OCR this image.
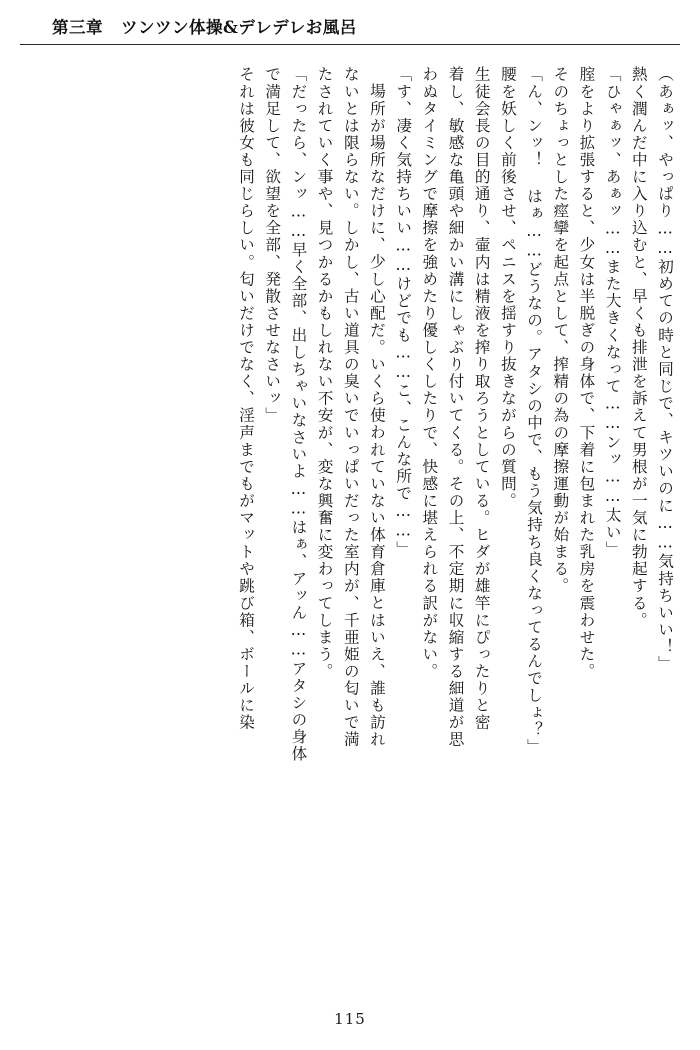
第三章 ツンツン体操&デレデレお風呂
（あぁッ、やっぱり……初めての時と同じで、キツいのに……気持ちいい！」
熱く潤んだ中に入り込むと、早くも排泄を訴えて男根が一気に勃起する。
「ひゃぁッ、あぁッ……また大きくなって……ンッ……太い」
腟をより拡張すると、少女は半脱ぎの身体で、下着に包まれた乳房を震わせた。
そのちょっとした痙攣を起点として、搾精の為の摩擦運動が始まる。
「ん、ンッ！ はぁ……どうなの。アタシの中で、もう気持ち良くなってるんでしょ？」
腰を妖しく前後させ、ペニスを揺すり抜きながらの質問。
生徒会長の目的通り、壷内は精液を搾り取ろうとしている。ヒダが雄竿にぴったりと密
着し、敏感な亀頭や細かい溝にしゃぶり付いてくる。その上、不定期に収縮する細道が思
わぬタイミングで摩擦を強めたり優しくしたりで、快感に堪えられる訳がない。
「す、凄く気持ちいい……けどでも……こ、こんな所で……」
場所が場所なだけに、少し心配だ。いくら使われていない体育倉庫とはいえ、誰も訪れ
ないとは限らない。しかし、古い道具の臭いでいっぱいだった室内が、千亜姫の匂いで満
たされていく事や、見つかるかもしれない不安が、変な興奮に変わってしまう。
「だったら、ンッ……早く全部、出しちゃいなさいよ……はぁ、アッん……アタシの身体
で満足して、欲望を全部、発散させなさいッ」
それは彼女も同じらしい。匂いだけでなく、淫声までもがマットや跳び箱、ボールに染
115
